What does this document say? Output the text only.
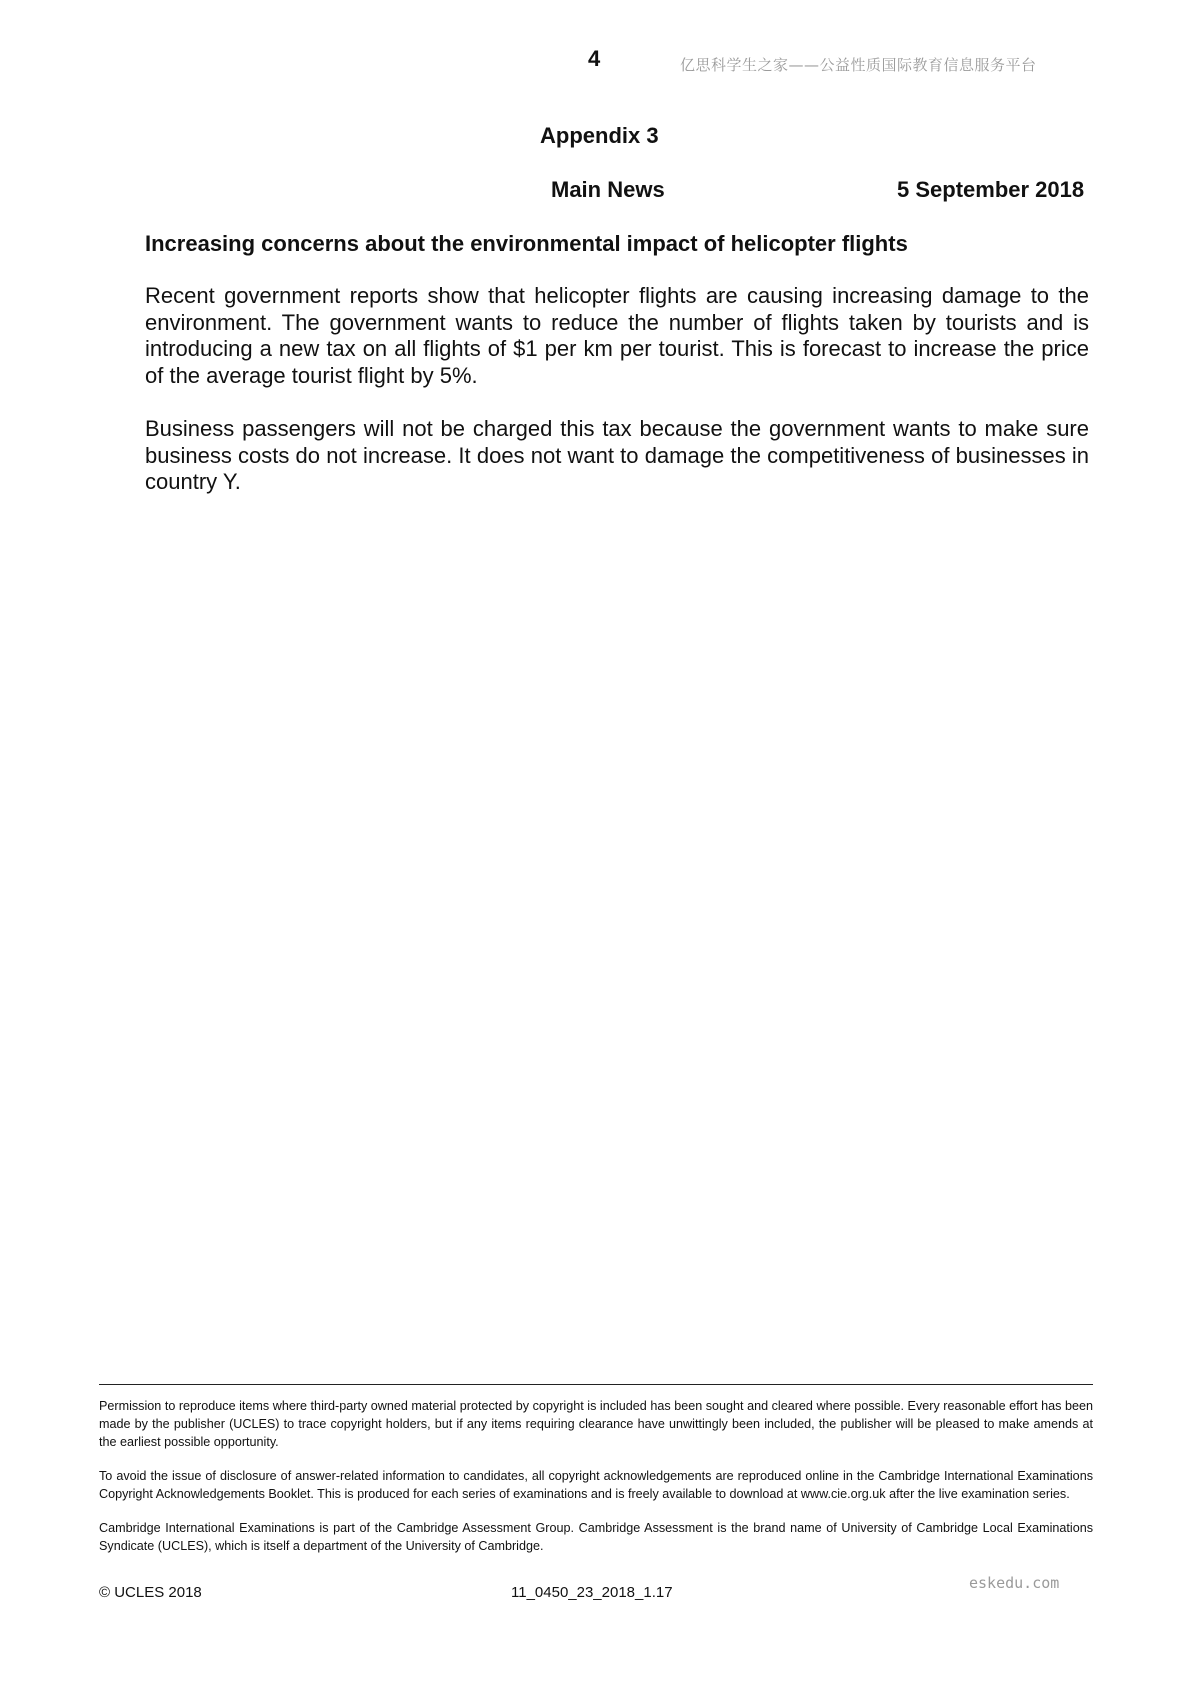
4	亿思科学生之家——公益性质国际教育信息服务平台
Appendix 3
Main News	5 September 2018
Increasing concerns about the environmental impact of helicopter flights

Recent government reports show that helicopter flights are causing increasing damage to the environment. The government wants to reduce the number of flights taken by tourists and is introducing a new tax on all flights of $1 per km per tourist. This is forecast to increase the price of the average tourist flight by 5%.

Business passengers will not be charged this tax because the government wants to make sure business costs do not increase. It does not want to damage the competitiveness of businesses in country Y.

Permission to reproduce items where third-party owned material protected by copyright is included has been sought and cleared where possible. Every reasonable effort has been made by the publisher (UCLES) to trace copyright holders, but if any items requiring clearance have unwittingly been included, the publisher will be pleased to make amends at the earliest possible opportunity.

To avoid the issue of disclosure of answer-related information to candidates, all copyright acknowledgements are reproduced online in the Cambridge International Examinations Copyright Acknowledgements Booklet. This is produced for each series of examinations and is freely available to download at www.cie.org.uk after the live examination series.

Cambridge International Examinations is part of the Cambridge Assessment Group. Cambridge Assessment is the brand name of University of Cambridge Local Examinations Syndicate (UCLES), which is itself a department of the University of Cambridge.

© UCLES 2018	11_0450_23_2018_1.17
eskedu.com
